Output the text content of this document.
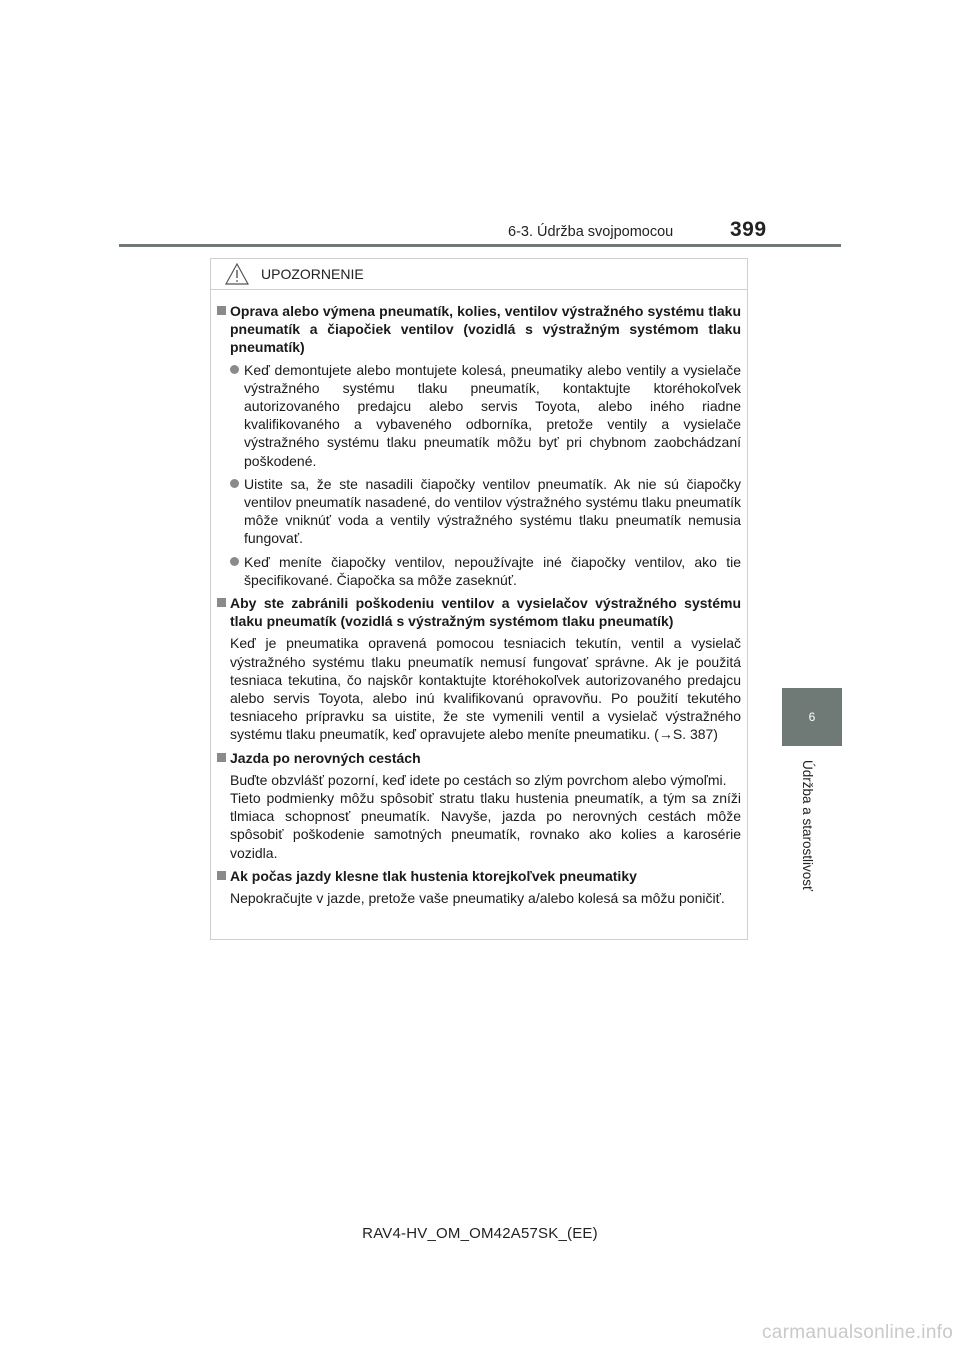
6-3. Údržba svojpomocou	399
6
Údržba a starostlivosť
UPOZORNENIE
Oprava alebo výmena pneumatík, kolies, ventilov výstražného systému tlaku pneumatík a čiapočiek ventilov (vozidlá s výstražným systémom tlaku pneumatík)
Keď demontujete alebo montujete kolesá, pneumatiky alebo ventily a vysielače výstražného systému tlaku pneumatík, kontaktujte ktoréhokoľvek autorizovaného predajcu alebo servis Toyota, alebo iného riadne kvalifikovaného a vybaveného odborníka, pretože ventily a vysielače výstražného systému tlaku pneumatík môžu byť pri chybnom zaobchádzaní poškodené.
Uistite sa, že ste nasadili čiapočky ventilov pneumatík. Ak nie sú čiapočky ventilov pneumatík nasadené, do ventilov výstražného systému tlaku pneumatík môže vniknúť voda a ventily výstražného systému tlaku pneumatík nemusia fungovať.
Keď meníte čiapočky ventilov, nepoužívajte iné čiapočky ventilov, ako tie špecifikované. Čiapočka sa môže zaseknúť.
Aby ste zabránili poškodeniu ventilov a vysielačov výstražného systému tlaku pneumatík (vozidlá s výstražným systémom tlaku pneumatík)
Keď je pneumatika opravená pomocou tesniacich tekutín, ventil a vysielač výstražného systému tlaku pneumatík nemusí fungovať správne. Ak je použitá tesniaca tekutina, čo najskôr kontaktujte ktoréhokoľvek autorizovaného predajcu alebo servis Toyota, alebo inú kvalifikovanú opravovňu. Po použití tekutého tesniaceho prípravku sa uistite, že ste vymenili ventil a vysielač výstražného systému tlaku pneumatík, keď opravujete alebo meníte pneumatiku. (→S. 387)
Jazda po nerovných cestách
Buďte obzvlášť pozorní, keď idete po cestách so zlým povrchom alebo výmoľmi.
Tieto podmienky môžu spôsobiť stratu tlaku hustenia pneumatík, a tým sa zníži tlmiaca schopnosť pneumatík. Navyše, jazda po nerovných cestách môže spôsobiť poškodenie samotných pneumatík, rovnako ako kolies a karosérie vozidla.
Ak počas jazdy klesne tlak hustenia ktorejkoľvek pneumatiky
Nepokračujte v jazde, pretože vaše pneumatiky a/alebo kolesá sa môžu poničiť.
RAV4-HV_OM_OM42A57SK_(EE)
carmanualsonline.info
